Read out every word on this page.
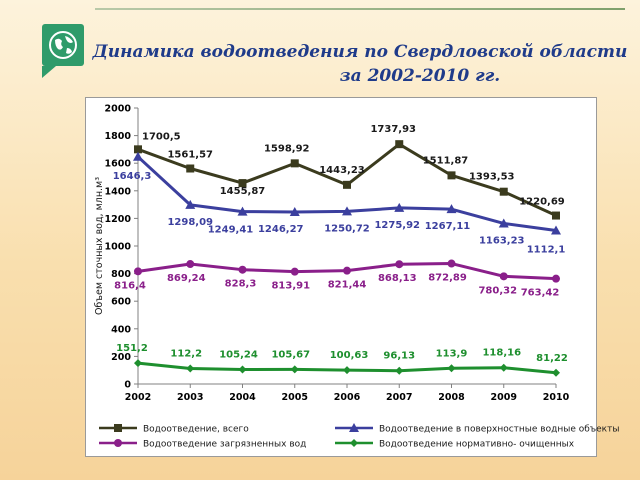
Динамика водоотведения по Свердловской области
за 2002-2010 гг.
0
200
400
600
800
1000
1200
1400
1600
1800
2000
2002	2003	2004	2005	2006	2007	2008	2009	2010
Объем сточных вод, млн.м³
1700,5
1561,57
1455,87
1598,92
1443,23
1737,93
1511,87
1393,53
1220,69
1646,3
1298,09
1249,41 1246,27 1250,72 1275,92 1267,11
1163,23
1112,1
816,4
869,24
828,3 813,91 821,44
868,13 872,89
780,32 763,42
151,2 112,2 105,24 105,67 100,63 96,13 113,9 118,16 81,22
Водоотведение, всего	Водоотведение в поверхностные водные объекты
Водоотведение загрязненных вод	Водоотведение нормативно- очищенных
